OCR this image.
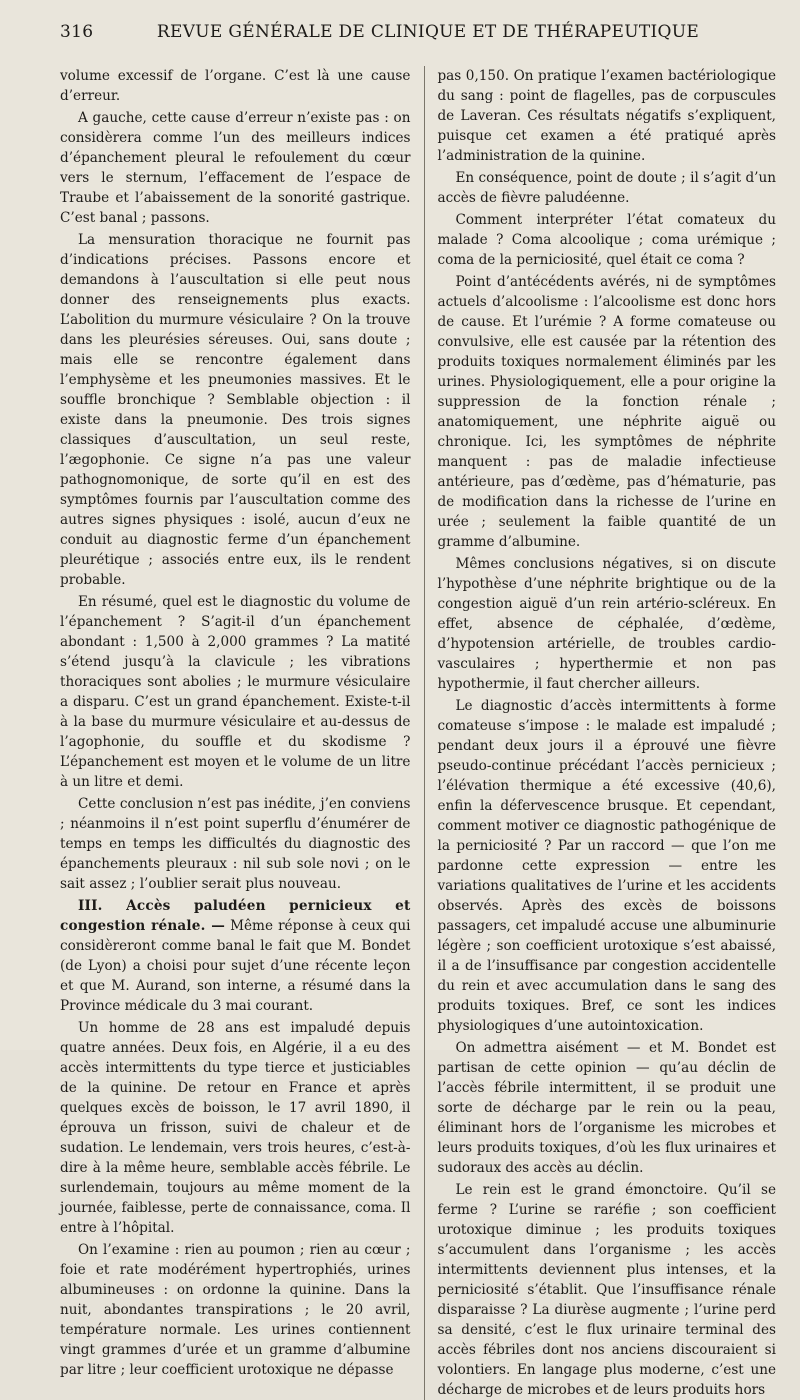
316	REVUE GÉNÉRALE DE CLINIQUE ET DE THÉRAPEUTIQUE

volume excessif de l’organe. C’est là une cause d’erreur.

A gauche, cette cause d’erreur n’existe pas : on considèrera comme l’un des meilleurs indices d’épanchement pleural le refoulement du cœur vers le sternum, l’effacement de l’espace de Traube et l’abaissement de la sonorité gastrique. C’est banal ; passons.

La mensuration thoracique ne fournit pas d’indications précises. Passons encore et demandons à l’auscultation si elle peut nous donner des renseignements plus exacts. L’abolition du murmure vésiculaire ? On la trouve dans les pleurésies séreuses. Oui, sans doute ; mais elle se rencontre également dans l’emphysème et les pneumonies massives. Et le souffle bronchique ? Semblable objection : il existe dans la pneumonie. Des trois signes classiques d’auscultation, un seul reste, l’ægophonie. Ce signe n’a pas une valeur pathognomonique, de sorte qu’il en est des symptômes fournis par l’auscultation comme des autres signes physiques : isolé, aucun d’eux ne conduit au diagnostic ferme d’un épanchement pleurétique ; associés entre eux, ils le rendent probable.

En résumé, quel est le diagnostic du volume de l’épanchement ? S’agit-il d’un épanchement abondant : 1,500 à 2,000 grammes ? La matité s’étend jusqu’à la clavicule ; les vibrations thoraciques sont abolies ; le murmure vésiculaire a disparu. C’est un grand épanchement. Existe-t-il à la base du murmure vésiculaire et au-dessus de l’agophonie, du souffle et du skodisme ? L’épanchement est moyen et le volume de un litre à un litre et demi.

Cette conclusion n’est pas inédite, j’en conviens ; néanmoins il n’est point superflu d’énumérer de temps en temps les difficultés du diagnostic des épanchements pleuraux : nil sub sole novi ; on le sait assez ; l’oublier serait plus nouveau.

III. Accès paludéen pernicieux et congestion rénale. — Même réponse à ceux qui considèreront comme banal le fait que M. Bondet (de Lyon) a choisi pour sujet d’une récente leçon et que M. Aurand, son interne, a résumé dans la Province médicale du 3 mai courant.

Un homme de 28 ans est impaludé depuis quatre années. Deux fois, en Algérie, il a eu des accès intermittents du type tierce et justiciables de la quinine. De retour en France et après quelques excès de boisson, le 17 avril 1890, il éprouva un frisson, suivi de chaleur et de sudation. Le lendemain, vers trois heures, c’est-à-dire à la même heure, semblable accès fébrile. Le surlendemain, toujours au même moment de la journée, faiblesse, perte de connaissance, coma. Il entre à l’hôpital.

On l’examine : rien au poumon ; rien au cœur ; foie et rate modérément hypertrophiés, urines albumineuses : on ordonne la quinine. Dans la nuit, abondantes transpirations ; le 20 avril, température normale. Les urines contiennent vingt grammes d’urée et un gramme d’albumine par litre ; leur coefficient urotoxique ne dépasse

pas 0,150. On pratique l’examen bactériologique du sang : point de flagelles, pas de corpuscules de Laveran. Ces résultats négatifs s’expliquent, puisque cet examen a été pratiqué après l’administration de la quinine.

En conséquence, point de doute ; il s’agit d’un accès de fièvre paludéenne.

Comment interpréter l’état comateux du malade ? Coma alcoolique ; coma urémique ; coma de la perniciosité, quel était ce coma ?

Point d’antécédents avérés, ni de symptômes actuels d’alcoolisme : l’alcoolisme est donc hors de cause. Et l’urémie ? A forme comateuse ou convulsive, elle est causée par la rétention des produits toxiques normalement éliminés par les urines. Physiologiquement, elle a pour origine la suppression de la fonction rénale ; anatomiquement, une néphrite aiguë ou chronique. Ici, les symptômes de néphrite manquent : pas de maladie infectieuse antérieure, pas d’œdème, pas d’hématurie, pas de modification dans la richesse de l’urine en urée ; seulement la faible quantité de un gramme d’albumine.

Mêmes conclusions négatives, si on discute l’hypothèse d’une néphrite brightique ou de la congestion aiguë d’un rein artério-scléreux. En effet, absence de céphalée, d’œdème, d’hypotension artérielle, de troubles cardio-vasculaires ; hyperthermie et non pas hypothermie, il faut chercher ailleurs.

Le diagnostic d’accès intermittents à forme comateuse s’impose : le malade est impaludé ; pendant deux jours il a éprouvé une fièvre pseudo-continue précédant l’accès pernicieux ; l’élévation thermique a été excessive (40,6), enfin la défervescence brusque. Et cependant, comment motiver ce diagnostic pathogénique de la perniciosité ? Par un raccord — que l’on me pardonne cette expression — entre les variations qualitatives de l’urine et les accidents observés. Après des excès de boissons passagers, cet impaludé accuse une albuminurie légère ; son coefficient urotoxique s’est abaissé, il a de l’insuffisance par congestion accidentelle du rein et avec accumulation dans le sang des produits toxiques. Bref, ce sont les indices physiologiques d’une autointoxication.

On admettra aisément — et M. Bondet est partisan de cette opinion — qu’au déclin de l’accès fébrile intermittent, il se produit une sorte de décharge par le rein ou la peau, éliminant hors de l’organisme les microbes et leurs produits toxiques, d’où les flux urinaires et sudoraux des accès au déclin.

Le rein est le grand émonctoire. Qu’il se ferme ? L’urine se raréfie ; son coefficient urotoxique diminue ; les produits toxiques s’accumulent dans l’organisme ; les accès intermittents deviennent plus intenses, et la perniciosité s’établit. Que l’insuffisance rénale disparaisse ? La diurèse augmente ; l’urine perd sa densité, c’est le flux urinaire terminal des accès fébriles dont nos anciens discouraient si volontiers. En langage plus moderne, c’est une décharge de microbes et de leurs produits hors
